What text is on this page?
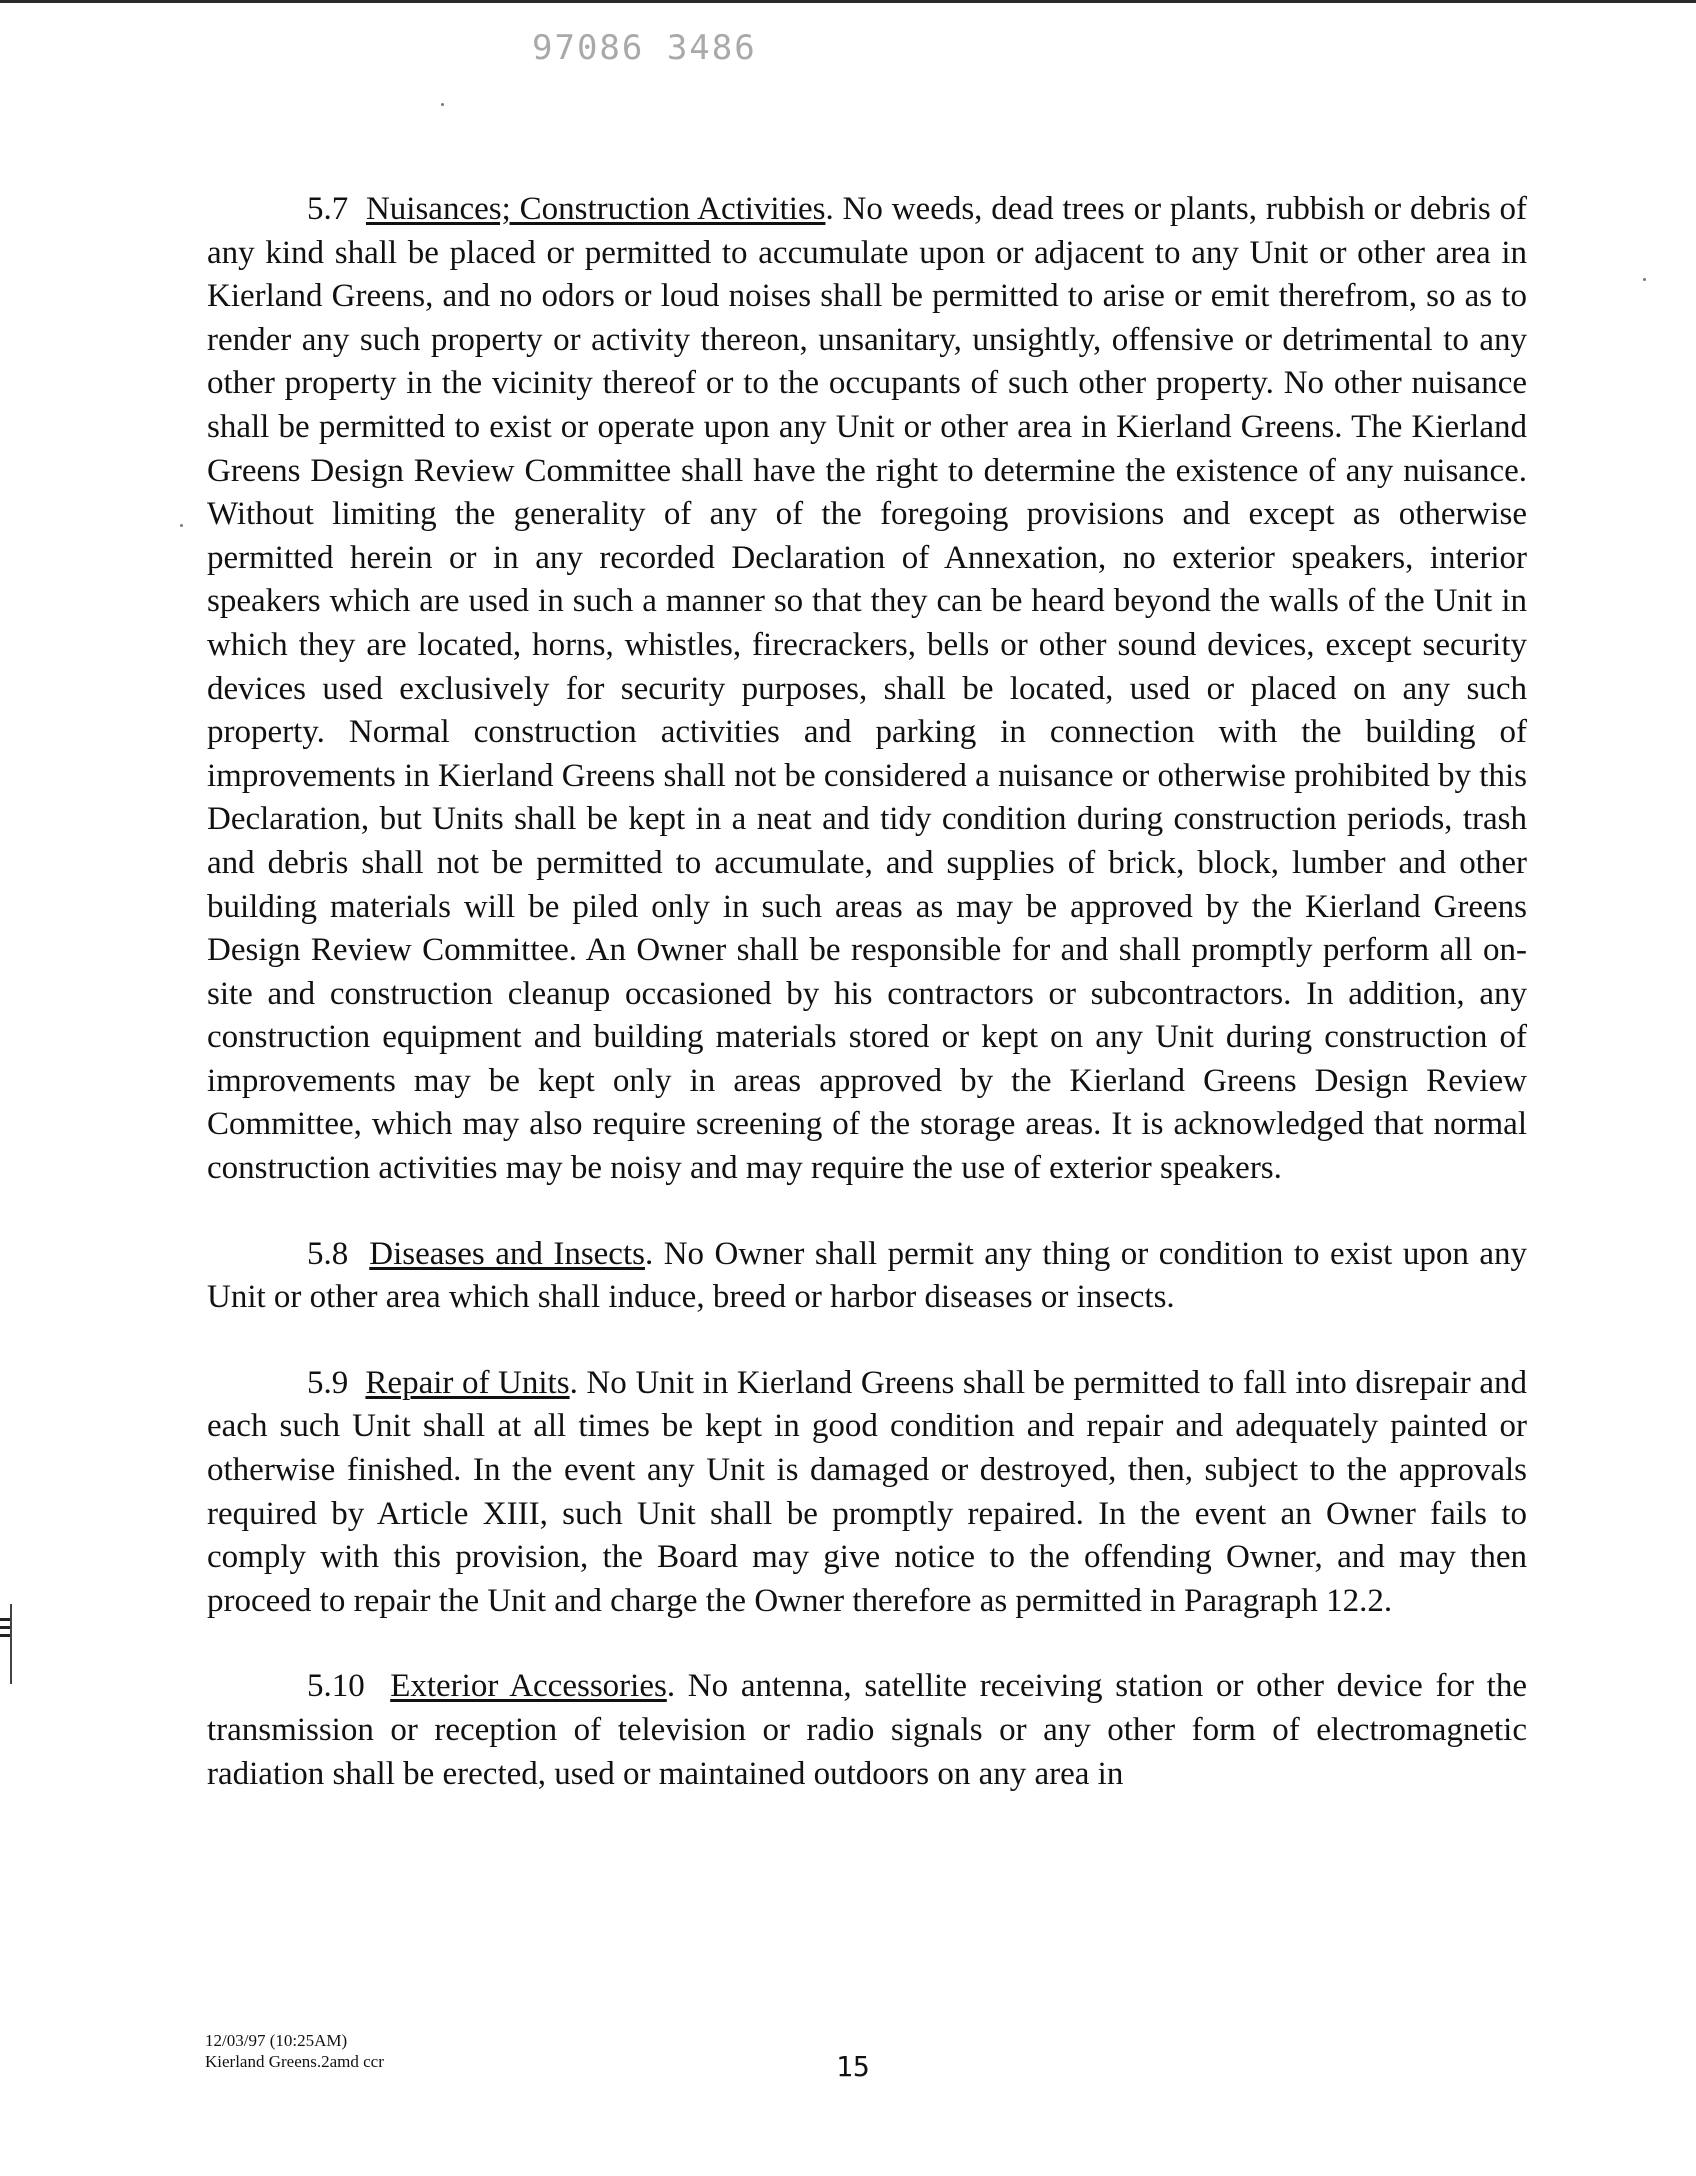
97086 3486

5.7 Nuisances; Construction Activities. No weeds, dead trees or plants, rubbish or debris of any kind shall be placed or permitted to accumulate upon or adjacent to any Unit or other area in Kierland Greens, and no odors or loud noises shall be permitted to arise or emit therefrom, so as to render any such property or activity thereon, unsanitary, unsightly, offensive or detrimental to any other property in the vicinity thereof or to the occupants of such other property. No other nuisance shall be permitted to exist or operate upon any Unit or other area in Kierland Greens. The Kierland Greens Design Review Committee shall have the right to determine the existence of any nuisance. Without limiting the generality of any of the foregoing provisions and except as otherwise permitted herein or in any recorded Declaration of Annexation, no exterior speakers, interior speakers which are used in such a manner so that they can be heard beyond the walls of the Unit in which they are located, horns, whistles, firecrackers, bells or other sound devices, except security devices used exclusively for security purposes, shall be located, used or placed on any such property. Normal construction activities and parking in connection with the building of improvements in Kierland Greens shall not be considered a nuisance or otherwise prohibited by this Declaration, but Units shall be kept in a neat and tidy condition during construction periods, trash and debris shall not be permitted to accumulate, and supplies of brick, block, lumber and other building materials will be piled only in such areas as may be approved by the Kierland Greens Design Review Committee. An Owner shall be responsible for and shall promptly perform all on-site and construction cleanup occasioned by his contractors or subcontractors. In addition, any construction equipment and building materials stored or kept on any Unit during construction of improvements may be kept only in areas approved by the Kierland Greens Design Review Committee, which may also require screening of the storage areas. It is acknowledged that normal construction activities may be noisy and may require the use of exterior speakers.

5.8 Diseases and Insects. No Owner shall permit any thing or condition to exist upon any Unit or other area which shall induce, breed or harbor diseases or insects.

5.9 Repair of Units. No Unit in Kierland Greens shall be permitted to fall into disrepair and each such Unit shall at all times be kept in good condition and repair and adequately painted or otherwise finished. In the event any Unit is damaged or destroyed, then, subject to the approvals required by Article XIII, such Unit shall be promptly repaired. In the event an Owner fails to comply with this provision, the Board may give notice to the offending Owner, and may then proceed to repair the Unit and charge the Owner therefore as permitted in Paragraph 12.2.

5.10 Exterior Accessories. No antenna, satellite receiving station or other device for the transmission or reception of television or radio signals or any other form of electromagnetic radiation shall be erected, used or maintained outdoors on any area in

12/03/97 (10:25AM)
Kierland Greens.2amd ccr	15
